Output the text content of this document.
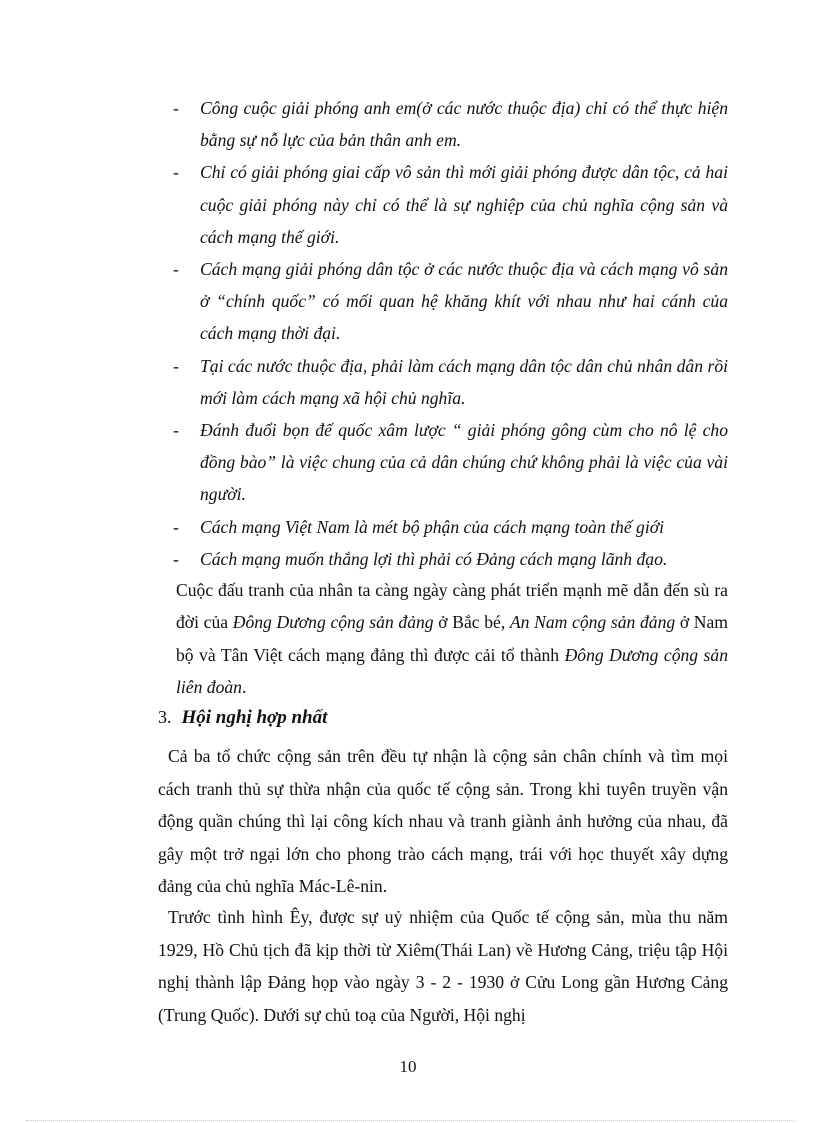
- Công cuộc giải phóng anh em(ở các nước thuộc địa) chỉ có thể thực hiện bằng sự nỗ lực của bản thân anh em.
- Chỉ có giải phóng giai cấp vô sản thì mới giải phóng được dân tộc, cả hai cuộc giải phóng này chỉ có thể là sự nghiệp của chủ nghĩa cộng sản và cách mạng thế giới.
- Cách mạng giải phóng dân tộc ở các nước thuộc địa và cách mạng vô sản ở “chính quốc” có mối quan hệ khăng khít với nhau như hai cánh của cách mạng thời đại.
- Tại các nước thuộc địa, phải làm cách mạng dân tộc dân chủ nhân dân rồi mới làm cách mạng xã hội chủ nghĩa.
- Đánh đuổi bọn đế quốc xâm lược “ giải phóng gông cùm cho nô lệ cho đồng bào” là việc chung của cả dân chúng chứ không phải là việc của vài người.
- Cách mạng Việt Nam là mét bộ phận của cách mạng toàn thế giới
- Cách mạng muốn thắng lợi thì phải có Đảng cách mạng lãnh đạo.

Cuộc đấu tranh của nhân ta càng ngày càng phát triển mạnh mẽ dẫn đến sù ra đời của Đông Dương cộng sản đảng ở Bắc bé, An Nam cộng sản đảng ở Nam bộ và Tân Việt cách mạng đảng thì được cải tổ thành Đông Dương cộng sản liên đoàn.

3. Hội nghị hợp nhất

Cả ba tổ chức cộng sản trên đều tự nhận là cộng sản chân chính và tìm mọi cách tranh thủ sự thừa nhận của quốc tế cộng sản. Trong khi tuyên truyền vận động quần chúng thì lại công kích nhau và tranh giành ảnh hưởng của nhau, đã gây một trở ngại lớn cho phong trào cách mạng, trái với học thuyết xây dựng đảng của chủ nghĩa Mác-Lê-nin.

Trước tình hình Êy, được sự uỷ nhiệm của Quốc tế cộng sản, mùa thu năm 1929, Hồ Chủ tịch đã kịp thời từ Xiêm(Thái Lan) về Hương Cảng, triệu tập Hội nghị thành lập Đảng họp vào ngày 3 - 2 - 1930 ở Cửu Long gần Hương Cảng (Trung Quốc). Dưới sự chủ toạ của Người, Hội nghị

10
